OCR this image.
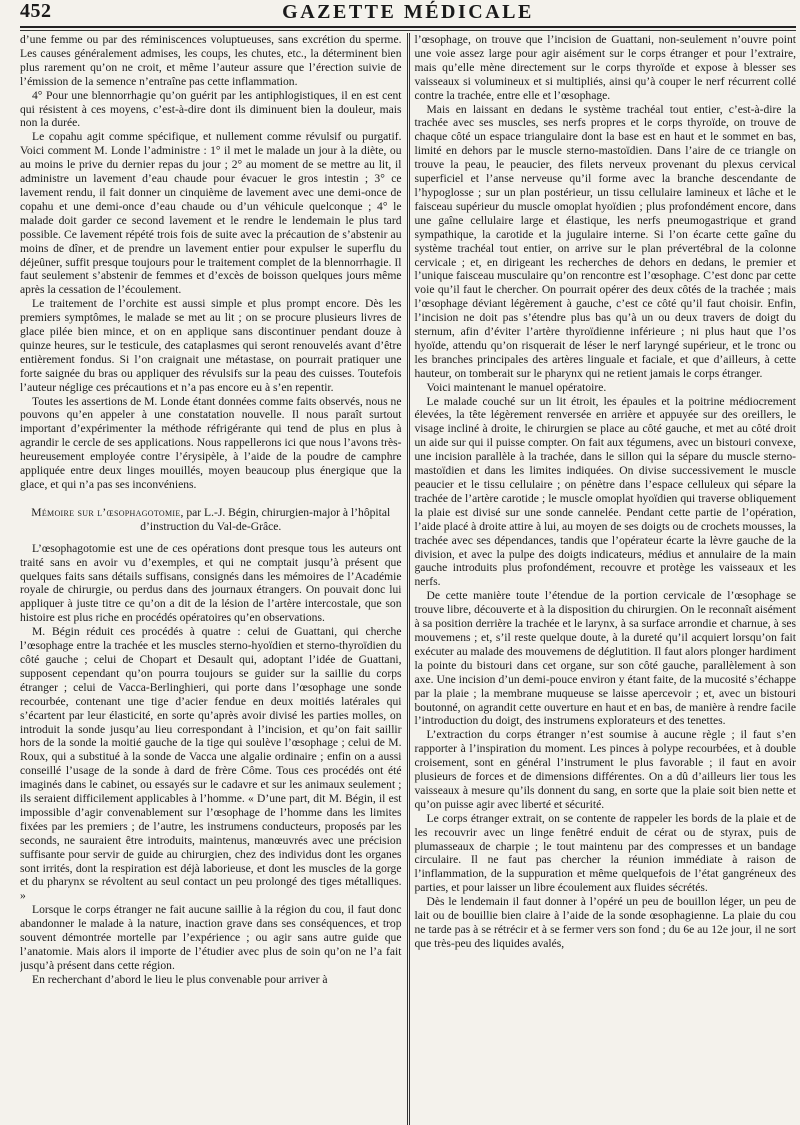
452	GAZETTE MÉDICALE

d’une femme ou par des réminiscences voluptueuses, sans excrétion du sperme. Les causes généralement admises, les coups, les chutes, etc., la déterminent bien plus rarement qu’on ne croit, et même l’auteur assure que l’érection suivie de l’émission de la semence n’entraîne pas cette inflammation.

4° Pour une blennorrhagie qu’on guérit par les antiphlogistiques, il en est cent qui résistent à ces moyens, c’est-à-dire dont ils diminuent bien la douleur, mais non la durée.

Le copahu agit comme spécifique, et nullement comme révulsif ou purgatif. Voici comment M. Londe l’administre : 1° il met le malade un jour à la diète, ou au moins le prive du dernier repas du jour ; 2° au moment de se mettre au lit, il administre un lavement d’eau chaude pour évacuer le gros intestin ; 3° ce lavement rendu, il fait donner un cinquième de lavement avec une demi-once de copahu et une demi-once d’eau chaude ou d’un véhicule quelconque ; 4° le malade doit garder ce second lavement et le rendre le lendemain le plus tard possible. Ce lavement répété trois fois de suite avec la précaution de s’abstenir au moins de dîner, et de prendre un lavement entier pour expulser le superflu du déjeûner, suffit presque toujours pour le traitement complet de la blennorrhagie. Il faut seulement s’abstenir de femmes et d’excès de boisson quelques jours même après la cessation de l’écoulement.

Le traitement de l’orchite est aussi simple et plus prompt encore. Dès les premiers symptômes, le malade se met au lit ; on se procure plusieurs livres de glace pilée bien mince, et on en applique sans discontinuer pendant douze à quinze heures, sur le testicule, des cataplasmes qui seront renouvelés avant d’être entièrement fondus. Si l’on craignait une métastase, on pourrait pratiquer une forte saignée du bras ou appliquer des révulsifs sur la peau des cuisses. Toutefois l’auteur néglige ces précautions et n’a pas encore eu à s’en repentir.

Toutes les assertions de M. Londe étant données comme faits observés, nous ne pouvons qu’en appeler à une constatation nouvelle. Il nous paraît surtout important d’expérimenter la méthode réfrigérante qui tend de plus en plus à agrandir le cercle de ses applications. Nous rappellerons ici que nous l’avons très-heureusement employée contre l’érysipèle, à l’aide de la poudre de camphre appliquée entre deux linges mouillés, moyen beaucoup plus énergique que la glace, et qui n’a pas ses inconvéniens.

Mémoire sur l’œsophagotomie, par L.-J. Bégin, chirurgien-major à l’hôpital d’instruction du Val-de-Grâce.

L’œsophagotomie est une de ces opérations dont presque tous les auteurs ont traité sans en avoir vu d’exemples, et qui ne comptait jusqu’à présent que quelques faits sans détails suffisans, consignés dans les mémoires de l’Académie royale de chirurgie, ou perdus dans des journaux étrangers. On pouvait donc lui appliquer à juste titre ce qu’on a dit de la lésion de l’artère intercostale, que son histoire est plus riche en procédés opératoires qu’en observations.

M. Bégin réduit ces procédés à quatre : celui de Guattani, qui cherche l’œsophage entre la trachée et les muscles sterno-hyoïdien et sterno-thyroïdien du côté gauche ; celui de Chopart et Desault qui, adoptant l’idée de Guattani, supposent cependant qu’on pourra toujours se guider sur la saillie du corps étranger ; celui de Vacca-Berlinghieri, qui porte dans l’œsophage une sonde recourbée, contenant une tige d’acier fendue en deux moitiés latérales qui s’écartent par leur élasticité, en sorte qu’après avoir divisé les parties molles, on introduit la sonde jusqu’au lieu correspondant à l’incision, et qu’on fait saillir hors de la sonde la moitié gauche de la tige qui soulève l’œsophage ; celui de M. Roux, qui a substitué à la sonde de Vacca une algalie ordinaire ; enfin on a aussi conseillé l’usage de la sonde à dard de frère Côme. Tous ces procédés ont été imaginés dans le cabinet, ou essayés sur le cadavre et sur les animaux seulement ; ils seraient difficilement applicables à l’homme. « D’une part, dit M. Bégin, il est impossible d’agir convenablement sur l’œsophage de l’homme dans les limites fixées par les premiers ; de l’autre, les instrumens conducteurs, proposés par les seconds, ne sauraient être introduits, maintenus, manœuvrés avec une précision suffisante pour servir de guide au chirurgien, chez des individus dont les organes sont irrités, dont la respiration est déjà laborieuse, et dont les muscles de la gorge et du pharynx se révoltent au seul contact un peu prolongé des tiges métalliques. »

Lorsque le corps étranger ne fait aucune saillie à la région du cou, il faut donc abandonner le malade à la nature, inaction grave dans ses conséquences, et trop souvent démontrée mortelle par l’expérience ; ou agir sans autre guide que l’anatomie. Mais alors il importe de l’étudier avec plus de soin qu’on ne l’a fait jusqu’à présent dans cette région.

En recherchant d’abord le lieu le plus convenable pour arriver à

l’œsophage, on trouve que l’incision de Guattani, non-seulement n’ouvre point une voie assez large pour agir aisément sur le corps étranger et pour l’extraire, mais qu’elle mène directement sur le corps thyroïde et expose à blesser ses vaisseaux si volumineux et si multipliés, ainsi qu’à couper le nerf récurrent collé contre la trachée, entre elle et l’œsophage.

Mais en laissant en dedans le système trachéal tout entier, c’est-à-dire la trachée avec ses muscles, ses nerfs propres et le corps thyroïde, on trouve de chaque côté un espace triangulaire dont la base est en haut et le sommet en bas, limité en dehors par le muscle sterno-mastoïdien. Dans l’aire de ce triangle on trouve la peau, le peaucier, des filets nerveux provenant du plexus cervical superficiel et l’anse nerveuse qu’il forme avec la branche descendante de l’hypoglosse ; sur un plan postérieur, un tissu cellulaire lamineux et lâche et le faisceau supérieur du muscle omoplat hyoïdien ; plus profondément encore, dans une gaîne cellulaire large et élastique, les nerfs pneumogastrique et grand sympathique, la carotide et la jugulaire interne. Si l’on écarte cette gaîne du système trachéal tout entier, on arrive sur le plan prévertébral de la colonne cervicale ; et, en dirigeant les recherches de dehors en dedans, le premier et l’unique faisceau musculaire qu’on rencontre est l’œsophage. C’est donc par cette voie qu’il faut le chercher. On pourrait opérer des deux côtés de la trachée ; mais l’œsophage déviant légèrement à gauche, c’est ce côté qu’il faut choisir. Enfin, l’incision ne doit pas s’étendre plus bas qu’à un ou deux travers de doigt du sternum, afin d’éviter l’artère thyroïdienne inférieure ; ni plus haut que l’os hyoïde, attendu qu’on risquerait de léser le nerf laryngé supérieur, et le tronc ou les branches principales des artères linguale et faciale, et que d’ailleurs, à cette hauteur, on tomberait sur le pharynx qui ne retient jamais le corps étranger.

Voici maintenant le manuel opératoire.

Le malade couché sur un lit étroit, les épaules et la poitrine médiocrement élevées, la tête légèrement renversée en arrière et appuyée sur des oreillers, le visage incliné à droite, le chirurgien se place au côté gauche, et met au côté droit un aide sur qui il puisse compter. On fait aux tégumens, avec un bistouri convexe, une incision parallèle à la trachée, dans le sillon qui la sépare du muscle sterno-mastoïdien et dans les limites indiquées. On divise successivement le muscle peaucier et le tissu cellulaire ; on pénètre dans l’espace celluleux qui sépare la trachée de l’artère carotide ; le muscle omoplat hyoïdien qui traverse obliquement la plaie est divisé sur une sonde cannelée. Pendant cette partie de l’opération, l’aide placé à droite attire à lui, au moyen de ses doigts ou de crochets mousses, la trachée avec ses dépendances, tandis que l’opérateur écarte la lèvre gauche de la division, et avec la pulpe des doigts indicateurs, médius et annulaire de la main gauche introduits plus profondément, recouvre et protège les vaisseaux et les nerfs.

De cette manière toute l’étendue de la portion cervicale de l’œsophage se trouve libre, découverte et à la disposition du chirurgien. On le reconnaît aisément à sa position derrière la trachée et le larynx, à sa surface arrondie et charnue, à ses mouvemens ; et, s’il reste quelque doute, à la dureté qu’il acquiert lorsqu’on fait exécuter au malade des mouvemens de déglutition. Il faut alors plonger hardiment la pointe du bistouri dans cet organe, sur son côté gauche, parallèlement à son axe. Une incision d’un demi-pouce environ y étant faite, de la mucosité s’échappe par la plaie ; la membrane muqueuse se laisse apercevoir ; et, avec un bistouri boutonné, on agrandit cette ouverture en haut et en bas, de manière à rendre facile l’introduction du doigt, des instrumens explorateurs et des tenettes.

L’extraction du corps étranger n’est soumise à aucune règle ; il faut s’en rapporter à l’inspiration du moment. Les pinces à polype recourbées, et à double croisement, sont en général l’instrument le plus favorable ; il faut en avoir plusieurs de forces et de dimensions différentes. On a dû d’ailleurs lier tous les vaisseaux à mesure qu’ils donnent du sang, en sorte que la plaie soit bien nette et qu’on puisse agir avec liberté et sécurité.

Le corps étranger extrait, on se contente de rappeler les bords de la plaie et de les recouvrir avec un linge fenêtré enduit de cérat ou de styrax, puis de plumasseaux de charpie ; le tout maintenu par des compresses et un bandage circulaire. Il ne faut pas chercher la réunion immédiate à raison de l’inflammation, de la suppuration et même quelquefois de l’état gangréneux des parties, et pour laisser un libre écoulement aux fluides sécrétés.

Dès le lendemain il faut donner à l’opéré un peu de bouillon léger, un peu de lait ou de bouillie bien claire à l’aide de la sonde œsophagienne. La plaie du cou ne tarde pas à se rétrécir et à se fermer vers son fond ; du 6e au 12e jour, il ne sort que très-peu des liquides avalés,
